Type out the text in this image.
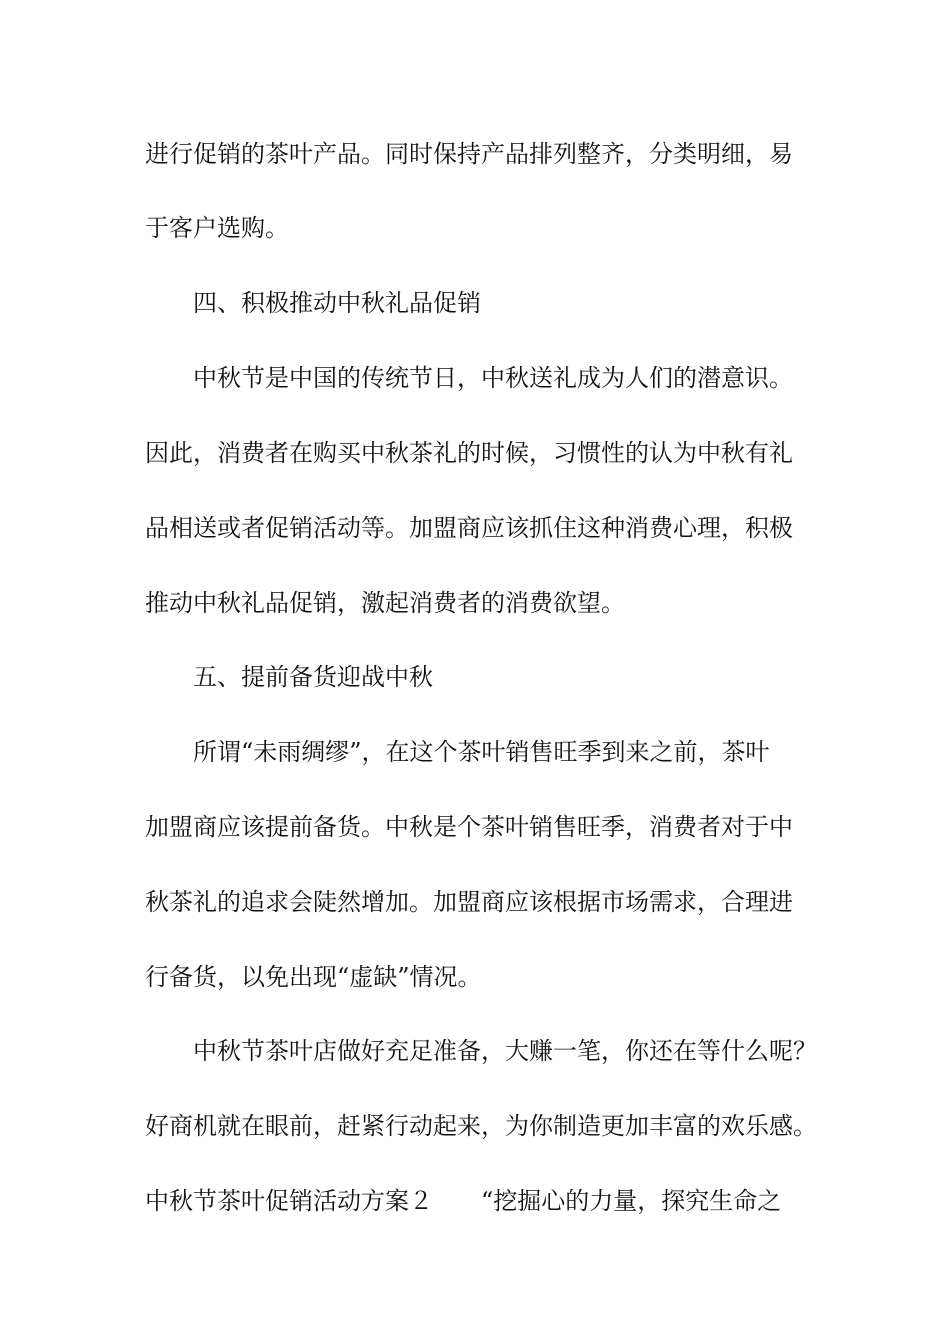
进行促销的茶叶产品。同时保持产品排列整齐，分类明细，易
于客户选购。
四、积极推动中秋礼品促销
中秋节是中国的传统节日，中秋送礼成为人们的潜意识。
因此，消费者在购买中秋茶礼的时候，习惯性的认为中秋有礼
品相送或者促销活动等。加盟商应该抓住这种消费心理，积极
推动中秋礼品促销，激起消费者的消费欲望。
五、提前备货迎战中秋
所谓“未雨绸缪”，在这个茶叶销售旺季到来之前，茶叶
加盟商应该提前备货。中秋是个茶叶销售旺季，消费者对于中
秋茶礼的追求会陡然增加。加盟商应该根据市场需求，合理进
行备货，以免出现“虚缺”情况。
中秋节茶叶店做好充足准备，大赚一笔，你还在等什么呢？
好商机就在眼前，赶紧行动起来，为你制造更加丰富的欢乐感。
中秋节茶叶促销活动方案２　　“挖掘心的力量，探究生命之
